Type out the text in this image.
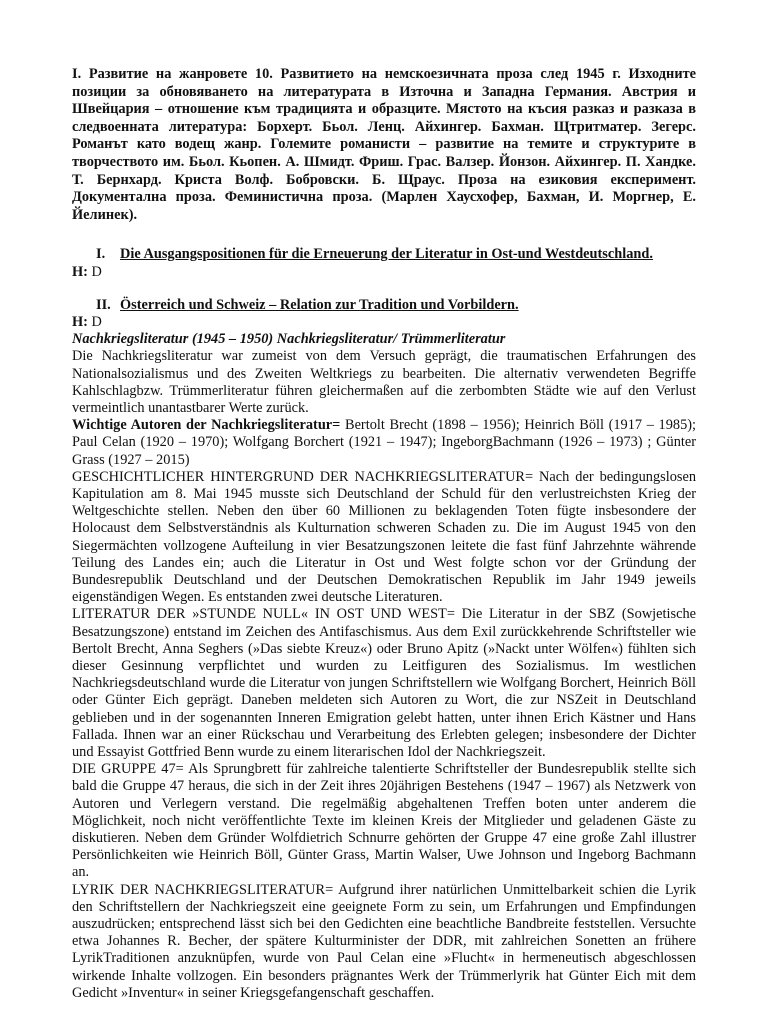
I. Развитие на жанровете 10. Развитието на немскоезичната проза след 1945 г. Изходните позиции за обновяването на литературата в Източна и Западна Германия. Австрия и Швейцария – отношение към традицията и образците. Мястото на късия разказ и разказа в следвоенната литература: Борхерт. Бьол. Ленц. Айхингер. Бахман. Щтритматер. Зегерс. Романът като водещ жанр. Големите романисти – развитие на темите и структурите в творчеството им. Бьол. Кьопен. А. Шмидт. Фриш. Грас. Валзер. Йонзон. Айхингер. П. Хандке. Т. Бернхард. Криста Волф. Бобровски. Б. Щраус. Проза на езиковия експеримент. Документална проза. Феминистична проза. (Марлен Хаусхофер, Бахман, И. Моргнер, Е. Йелинек).

I. Die Ausgangspositionen für die Erneuerung der Literatur in Ost-und Westdeutschland.

H: D

II. Österreich und Schweiz – Relation zur Tradition und Vorbildern.

H: D

Nachkriegsliteratur (1945 – 1950) Nachkriegsliteratur/ Trümmerliteratur

Die Nachkriegsliteratur war zumeist von dem Versuch geprägt, die traumatischen Erfahrungen des Nationalsozialismus und des Zweiten Weltkriegs zu bearbeiten. Die alternativ verwendeten Begriffe Kahlschlagbzw. Trümmerliteratur führen gleichermaßen auf die zerbombten Städte wie auf den Verlust vermeintlich unantastbarer Werte zurück.

Wichtige Autoren der Nachkriegsliteratur= Bertolt Brecht (1898 – 1956); Heinrich Böll (1917 – 1985); Paul Celan (1920 – 1970); Wolfgang Borchert (1921 – 1947); IngeborgBachmann (1926 – 1973) ; Günter Grass (1927 – 2015)

GESCHICHTLICHER HINTERGRUND DER NACHKRIEGSLITERATUR= Nach der bedingungslosen Kapitulation am 8. Mai 1945 musste sich Deutschland der Schuld für den verlustreichsten Krieg der Weltgeschichte stellen. Neben den über 60 Millionen zu beklagenden Toten fügte insbesondere der Holocaust dem Selbstverständnis als Kulturnation schweren Schaden zu. Die im August 1945 von den Siegermächten vollzogene Aufteilung in vier Besatzungszonen leitete die fast fünf Jahrzehnte währende Teilung des Landes ein; auch die Literatur in Ost und West folgte schon vor der Gründung der Bundesrepublik Deutschland und der Deutschen Demokratischen Republik im Jahr 1949 jeweils eigenständigen Wegen. Es entstanden zwei deutsche Literaturen.

LITERATUR DER »STUNDE NULL« IN OST UND WEST= Die Literatur in der SBZ (Sowjetische Besatzungszone) entstand im Zeichen des Antifaschismus. Aus dem Exil zurückkehrende Schriftsteller wie Bertolt Brecht, Anna Seghers (»Das siebte Kreuz«) oder Bruno Apitz (»Nackt unter Wölfen«) fühlten sich dieser Gesinnung verpflichtet und wurden zu Leitfiguren des Sozialismus. Im westlichen Nachkriegsdeutschland wurde die Literatur von jungen Schriftstellern wie Wolfgang Borchert, Heinrich Böll oder Günter Eich geprägt. Daneben meldeten sich Autoren zu Wort, die zur NSZeit in Deutschland geblieben und in der sogenannten Inneren Emigration gelebt hatten, unter ihnen Erich Kästner und Hans Fallada. Ihnen war an einer Rückschau und Verarbeitung des Erlebten gelegen; insbesondere der Dichter und Essayist Gottfried Benn wurde zu einem literarischen Idol der Nachkriegszeit.

DIE GRUPPE 47= Als Sprungbrett für zahlreiche talentierte Schriftsteller der Bundesrepublik stellte sich bald die Gruppe 47 heraus, die sich in der Zeit ihres 20jährigen Bestehens (1947 – 1967) als Netzwerk von Autoren und Verlegern verstand. Die regelmäßig abgehaltenen Treffen boten unter anderem die Möglichkeit, noch nicht veröffentlichte Texte im kleinen Kreis der Mitglieder und geladenen Gäste zu diskutieren. Neben dem Gründer Wolfdietrich Schnurre gehörten der Gruppe 47 eine große Zahl illustrer Persönlichkeiten wie Heinrich Böll, Günter Grass, Martin Walser, Uwe Johnson und Ingeborg Bachmann an.

LYRIK DER NACHKRIEGSLITERATUR= Aufgrund ihrer natürlichen Unmittelbarkeit schien die Lyrik den Schriftstellern der Nachkriegszeit eine geeignete Form zu sein, um Erfahrungen und Empfindungen auszudrücken; entsprechend lässt sich bei den Gedichten eine beachtliche Bandbreite feststellen. Versuchte etwa Johannes R. Becher, der spätere Kulturminister der DDR, mit zahlreichen Sonetten an frühere LyrikTraditionen anzuknüpfen, wurde von Paul Celan eine »Flucht« in hermeneutisch abgeschlossen wirkende Inhalte vollzogen. Ein besonders prägnantes Werk der Trümmerlyrik hat Günter Eich mit dem Gedicht »Inventur« in seiner Kriegsgefangenschaft geschaffen.
